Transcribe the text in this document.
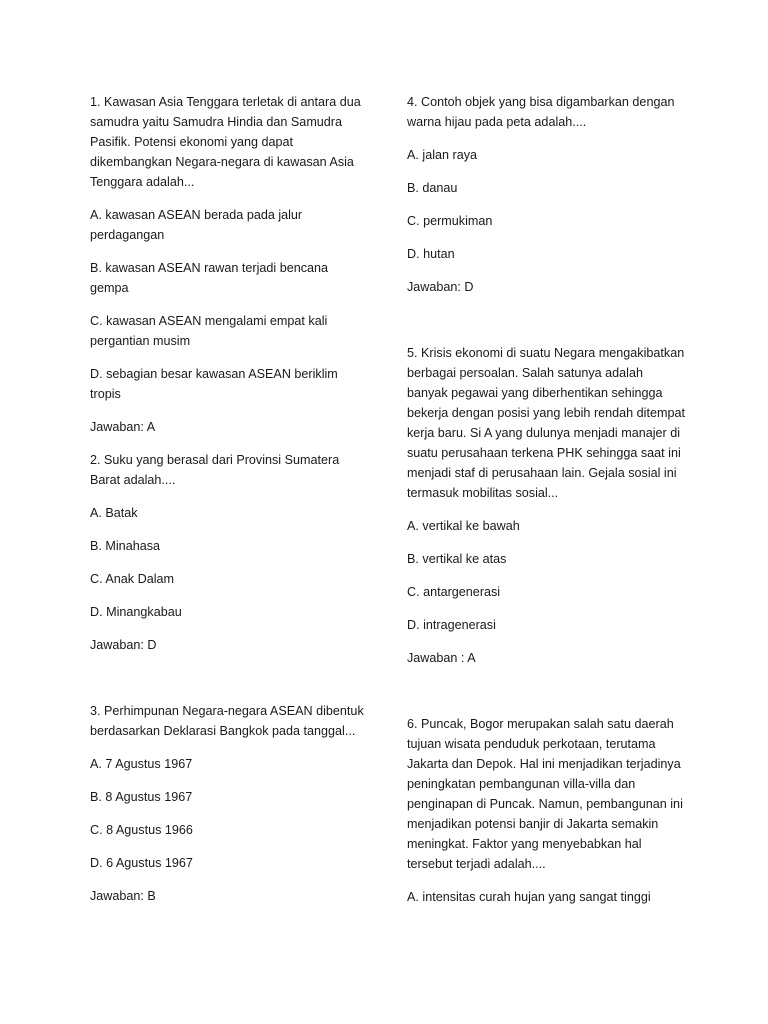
1. Kawasan Asia Tenggara terletak di antara dua samudra yaitu Samudra Hindia dan Samudra Pasifik. Potensi ekonomi yang dapat dikembangkan Negara-negara di kawasan Asia Tenggara adalah...

A. kawasan ASEAN berada pada jalur perdagangan

B. kawasan ASEAN rawan terjadi bencana gempa

C. kawasan ASEAN mengalami empat kali pergantian musim

D. sebagian besar kawasan ASEAN beriklim tropis

Jawaban: A

2. Suku yang berasal dari Provinsi Sumatera Barat adalah....

A. Batak

B. Minahasa

C. Anak Dalam

D. Minangkabau

Jawaban: D

3. Perhimpunan Negara-negara ASEAN dibentuk berdasarkan Deklarasi Bangkok pada tanggal...

A. 7 Agustus 1967

B. 8 Agustus 1967

C. 8 Agustus 1966

D. 6 Agustus 1967

Jawaban: B

4. Contoh objek yang bisa digambarkan dengan warna hijau pada peta adalah....

A. jalan raya

B. danau

C. permukiman

D. hutan

Jawaban: D

5. Krisis ekonomi di suatu Negara mengakibatkan berbagai persoalan. Salah satunya adalah banyak pegawai yang diberhentikan sehingga bekerja dengan posisi yang lebih rendah ditempat kerja baru. Si A yang dulunya menjadi manajer di suatu perusahaan terkena PHK sehingga saat ini menjadi staf di perusahaan lain. Gejala sosial ini termasuk mobilitas sosial...

A. vertikal ke bawah

B. vertikal ke atas

C. antargenerasi

D. intragenerasi

Jawaban : A

6. Puncak, Bogor merupakan salah satu daerah tujuan wisata penduduk perkotaan, terutama Jakarta dan Depok. Hal ini menjadikan terjadinya peningkatan pembangunan villa-villa dan penginapan di Puncak. Namun, pembangunan ini menjadikan potensi banjir di Jakarta semakin meningkat. Faktor yang menyebabkan hal tersebut terjadi adalah....

A. intensitas curah hujan yang sangat tinggi
